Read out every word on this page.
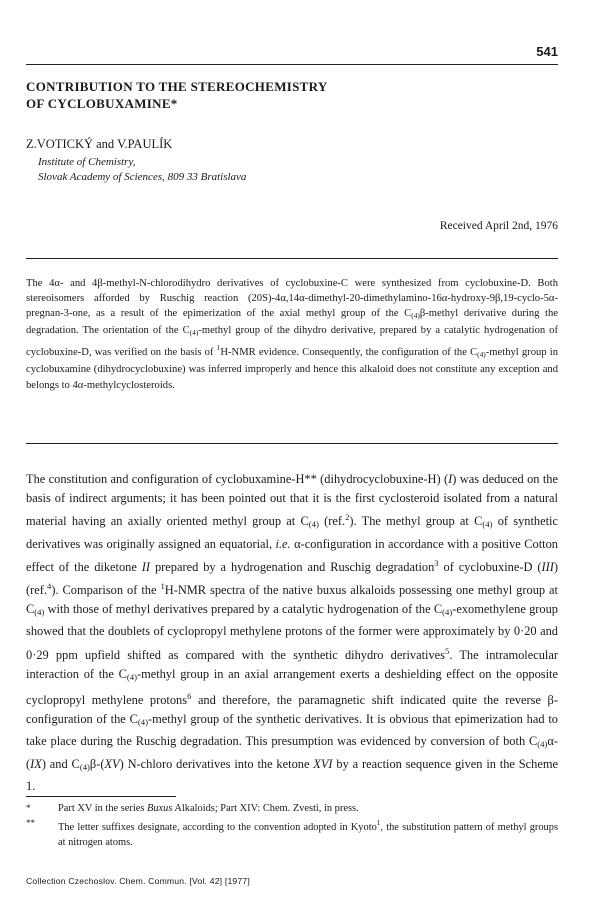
541
CONTRIBUTION TO THE STEREOCHEMISTRY
OF CYCLOBUXAMINE*
Z.VOTICKÝ and V.PAULÍK
Institute of Chemistry,
Slovak Academy of Sciences, 809 33 Bratislava
Received April 2nd, 1976
The 4α- and 4β-methyl-N-chlorodihydro derivatives of cyclobuxine-C were synthesized from cyclobuxine-D. Both stereoisomers afforded by Ruschig reaction (20S)-4α,14α-dimethyl-20-dimethylamino-16α-hydroxy-9β,19-cyclo-5α-pregnan-3-one, as a result of the epimerization of the axial methyl group of the $C_{(4)}\beta$-methyl derivative during the degradation. The orientation of the $C_{(4)}$-methyl group of the dihydro derivative, prepared by a catalytic hydrogenation of cyclobuxine-D, was verified on the basis of $^1$H-NMR evidence. Consequently, the configuration of the $C_{(4)}$-methyl group in cyclobuxamine (dihydrocyclobuxine) was inferred improperly and hence this alkaloid does not constitute any exception and belongs to 4α-methylcyclosteroids.
The constitution and configuration of cyclobuxamine-H** (dihydrocyclobuxine-H) (I) was deduced on the basis of indirect arguments; it has been pointed out that it is the first cyclosteroid isolated from a natural material having an axially oriented methyl group at $C_{(4)}$ (ref.$^2$). The methyl group at $C_{(4)}$ of synthetic derivatives was originally assigned an equatorial, i.e. α-configuration in accordance with a positive Cotton effect of the diketone II prepared by a hydrogenation and Ruschig degradation$^3$ of cyclobuxine-D (III) (ref.$^4$). Comparison of the $^1$H-NMR spectra of the native buxus alkaloids possessing one methyl group at $C_{(4)}$ with those of methyl derivatives prepared by a catalytic hydrogenation of the $C_{(4)}$-exomethylene group showed that the doublets of cyclopropyl methylene protons of the former were approximately by 0·20 and 0·29 ppm upfield shifted as compared with the synthetic dihydro derivatives$^5$. The intramolecular interaction of the $C_{(4)}$-methyl group in an axial arrangement exerts a deshielding effect on the opposite cyclopropyl methylene protons$^6$ and therefore, the paramagnetic shift indicated quite the reverse β-configuration of the $C_{(4)}$-methyl group of the synthetic derivatives. It is obvious that epimerization had to take place during the Ruschig degradation. This presumption was evidenced by conversion of both $C_{(4)}\alpha-(IX)$ and $C_{(4)}\beta-(XV)$ N-chloro derivatives into the ketone XVI by a reaction sequence given in the Scheme 1.
*	Part XV in the series Buxus Alkaloids; Part XIV: Chem. Zvesti, in press.
**	The letter suffixes designate, according to the convention adopted in Kyoto$^1$, the substitution pattern of methyl groups at nitrogen atoms.
Collection Czechoslov. Chem. Commun. [Vol. 42] [1977]
